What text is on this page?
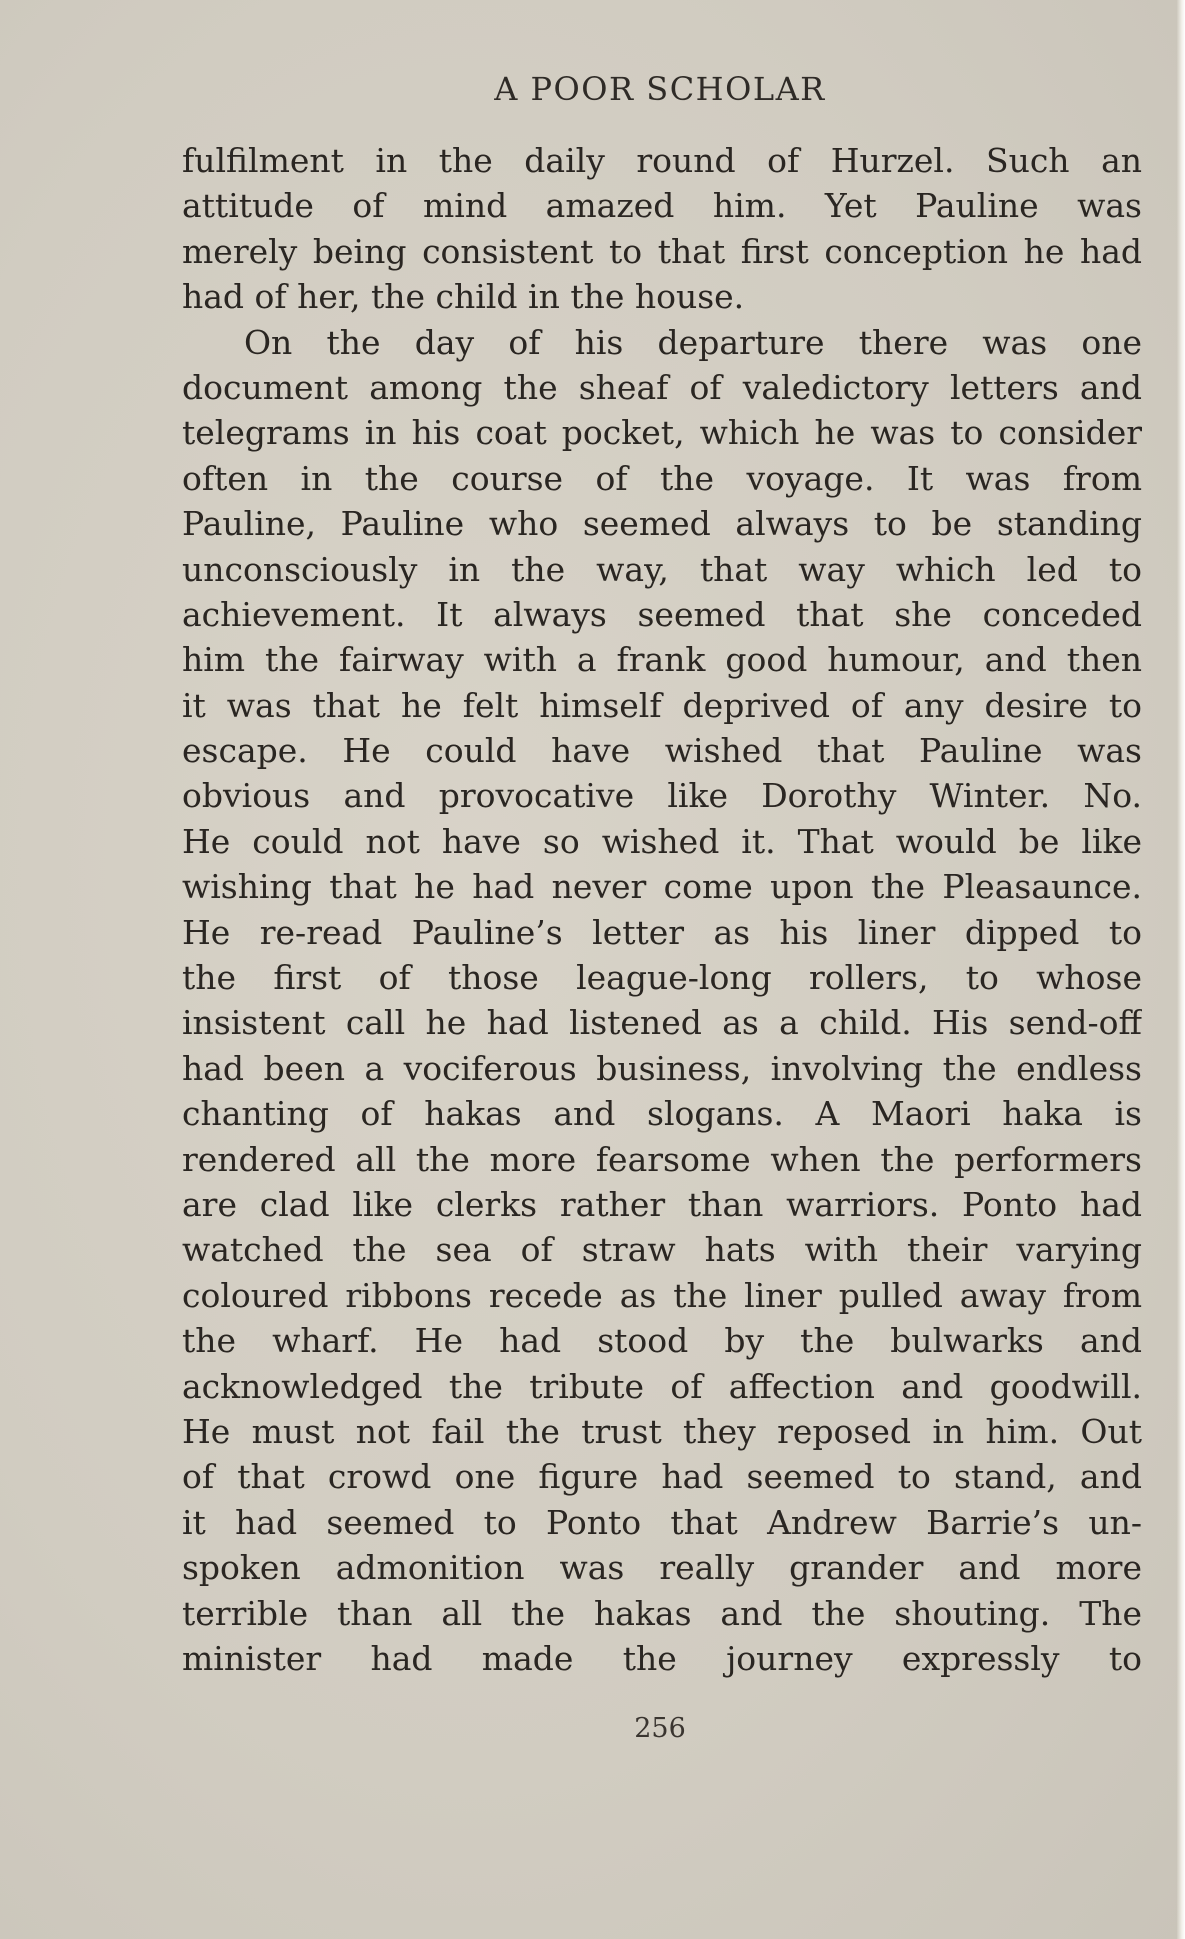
A POOR SCHOLAR
fulfilment in the daily round of Hurzel. Such an
attitude of mind amazed him. Yet Pauline was
merely being consistent to that first conception he had
had of her, the child in the house.
On the day of his departure there was one
document among the sheaf of valedictory letters and
telegrams in his coat pocket, which he was to consider
often in the course of the voyage. It was from
Pauline, Pauline who seemed always to be standing
unconsciously in the way, that way which led to
achievement. It always seemed that she conceded
him the fairway with a frank good humour, and then
it was that he felt himself deprived of any desire to
escape. He could have wished that Pauline was
obvious and provocative like Dorothy Winter. No.
He could not have so wished it. That would be like
wishing that he had never come upon the Pleasaunce.
He re-read Pauline’s letter as his liner dipped to
the first of those league-long rollers, to whose
insistent call he had listened as a child. His send-off
had been a vociferous business, involving the endless
chanting of hakas and slogans. A Maori haka is
rendered all the more fearsome when the performers
are clad like clerks rather than warriors. Ponto had
watched the sea of straw hats with their varying
coloured ribbons recede as the liner pulled away from
the wharf. He had stood by the bulwarks and
acknowledged the tribute of affection and goodwill.
He must not fail the trust they reposed in him. Out
of that crowd one figure had seemed to stand, and
it had seemed to Ponto that Andrew Barrie’s un-
spoken admonition was really grander and more
terrible than all the hakas and the shouting. The
minister had made the journey expressly to
256
